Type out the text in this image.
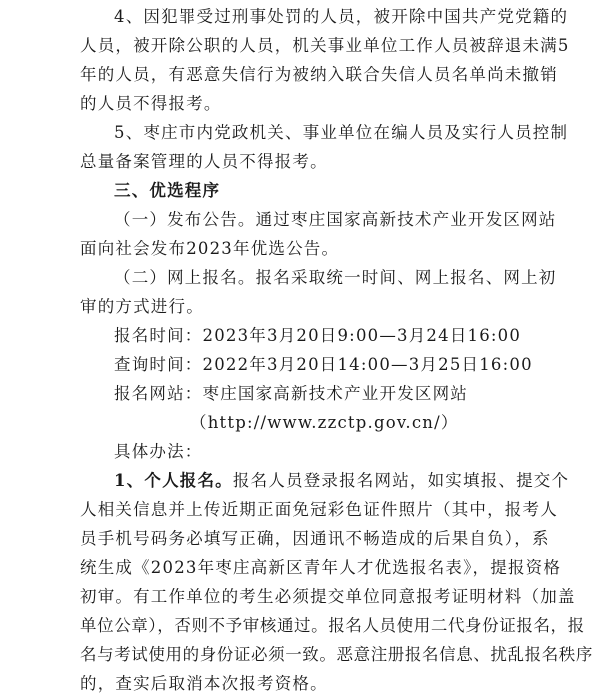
4、因犯罪受过刑事处罚的人员，被开除中国共产党党籍的
人员，被开除公职的人员，机关事业单位工作人员被辞退未满5
年的人员，有恶意失信行为被纳入联合失信人员名单尚未撤销
的人员不得报考。
5、枣庄市内党政机关、事业单位在编人员及实行人员控制
总量备案管理的人员不得报考。
三、优选程序
（一）发布公告。通过枣庄国家高新技术产业开发区网站
面向社会发布2023年优选公告。
（二）网上报名。报名采取统一时间、网上报名、网上初
审的方式进行。
报名时间：2023年3月20日9:00—3月24日16:00
查询时间：2022年3月20日14:00—3月25日16:00
报名网站：枣庄国家高新技术产业开发区网站
（http://www.zzctp.gov.cn/）
具体办法：
1、个人报名。报名人员登录报名网站，如实填报、提交个
人相关信息并上传近期正面免冠彩色证件照片（其中，报考人
员手机号码务必填写正确，因通讯不畅造成的后果自负），系
统生成《2023年枣庄高新区青年人才优选报名表》，提报资格
初审。有工作单位的考生必须提交单位同意报考证明材料（加盖
单位公章），否则不予审核通过。报名人员使用二代身份证报名，报
名与考试使用的身份证必须一致。恶意注册报名信息、扰乱报名秩序
的，查实后取消本次报考资格。
